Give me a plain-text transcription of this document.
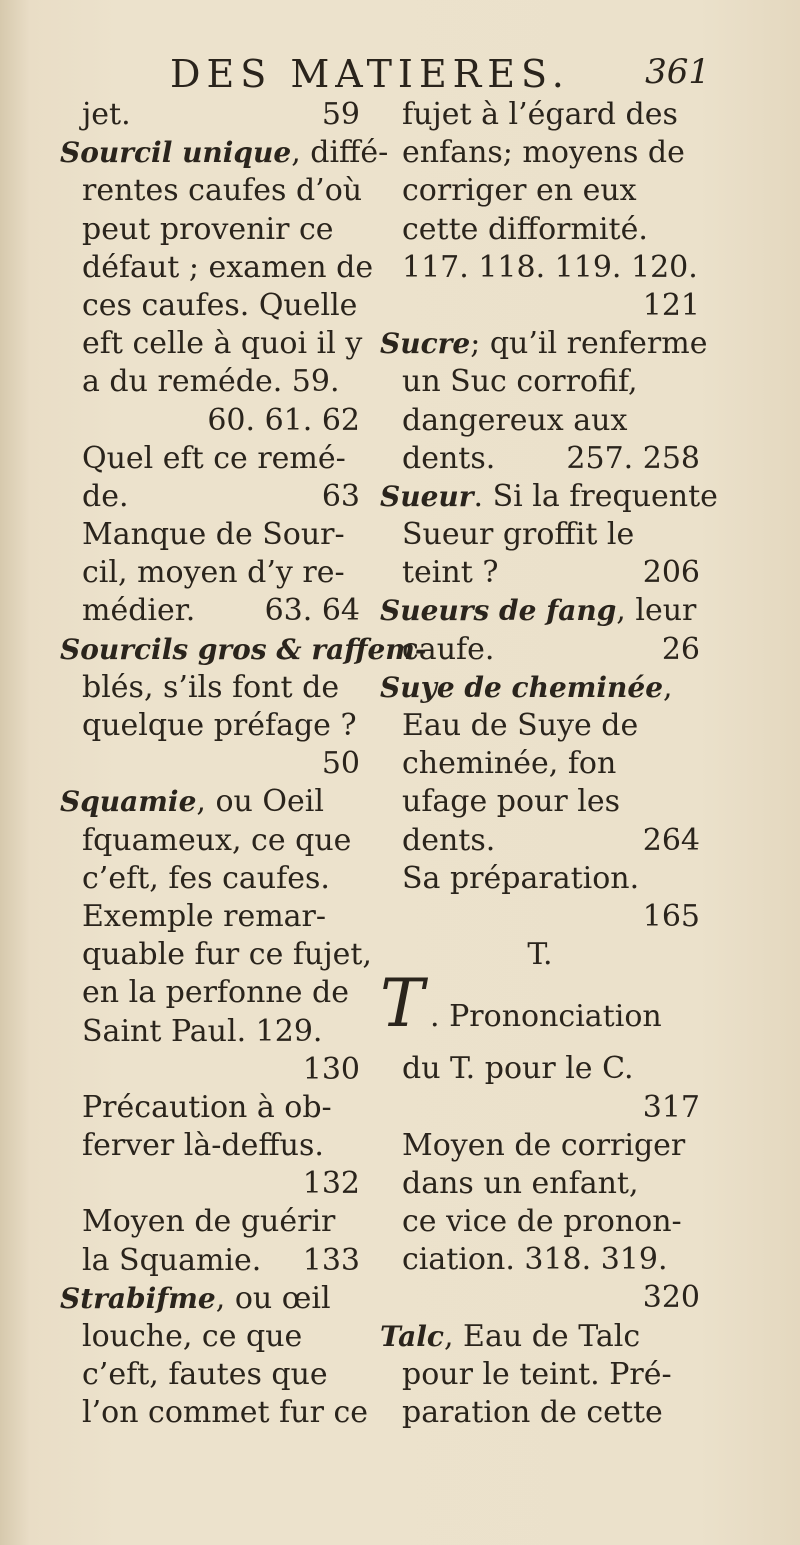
DES MATIERES. 361
jet.	59
Sourcil unique, diffé-
rentes caufes d’où
peut provenir ce
défaut ; examen de
ces caufes. Quelle
eft celle à quoi il y
a du reméde. 59.
60. 61. 62
Quel eft ce remé-
de.	63
Manque de Sour-
cil, moyen d’y re-
médier. 63. 64
Sourcils gros & raffem-
blés, s’ils font de
quelque préfage ?
50
Squamie, ou Oeil
fquameux, ce que
c’eft, fes caufes.
Exemple remar-
quable fur ce fujet,
en la perfonne de
Saint Paul. 129.
130
Précaution à ob-
ferver là-deffus.
132
Moyen de guérir
la Squamie. 133
Strabifme, ou œil
louche, ce que
c’eft, fautes que
l’on commet fur ce
fujet à l’égard des
enfans; moyens de
corriger en eux
cette difformité.
117. 118. 119. 120.
121
Sucre; qu’il renferme
un Suc corrofif,
dangereux aux
dents. 257. 258
Sueur. Si la frequente
Sueur groffit le
teint ?	206
Sueurs de fang, leur
caufe.	26
Suye de cheminée,
Eau de Suye de
cheminée, fon
ufage pour les
dents.	264
Sa préparation.
165
T.
T . Prononciation
du T. pour le C.
317
Moyen de corriger
dans un enfant,
ce vice de pronon-
ciation. 318. 319.
320
Talc, Eau de Talc
pour le teint. Pré-
paration de cette
